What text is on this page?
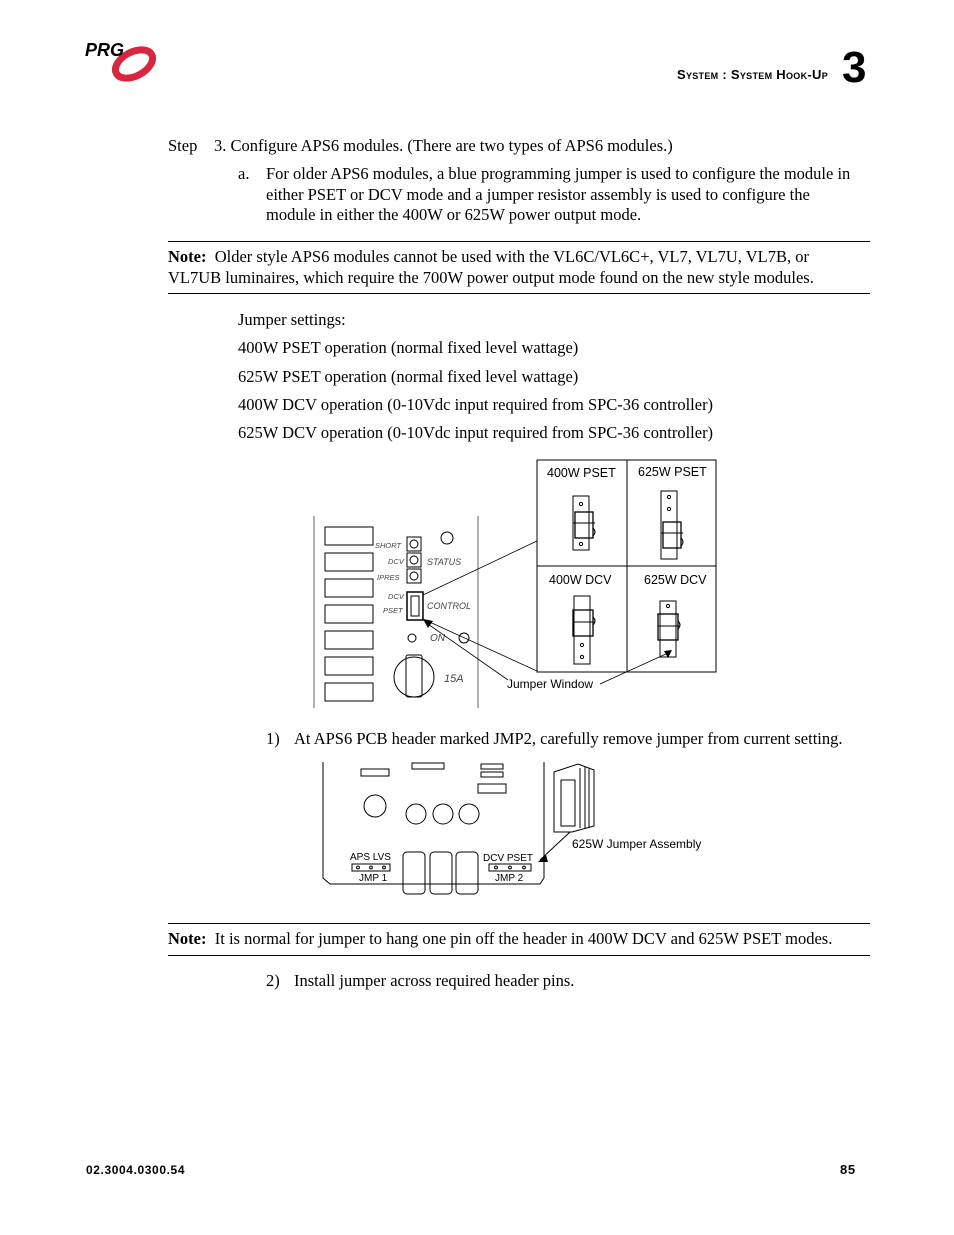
PRG
System : System Hook-Up 3
Step 3. Configure APS6 modules. (There are two types of APS6 modules.)
a. For older APS6 modules, a blue programming jumper is used to configure the module in
either PSET or DCV mode and a jumper resistor assembly is used to configure the
module in either the 400W or 625W power output mode.
Note: Older style APS6 modules cannot be used with the VL6C/VL6C+, VL7, VL7U, VL7B, or
VL7UB luminaires, which require the 700W power output mode found on the new style modules.
Jumper settings:
400W PSET operation (normal fixed level wattage)
625W PSET operation (normal fixed level wattage)
400W DCV operation (0-10Vdc input required from SPC-36 controller)
625W DCV operation (0-10Vdc input required from SPC-36 controller)
SHORT
DCV
IPRES
DCV
PSET
STATUS
CONTROL
ON
15A
400W PSET 625W PSET
400W DCV	625W DCV
Jumper Window
1) At APS6 PCB header marked JMP2, carefully remove jumper from current setting.
APS LVS
JMP 1
DCV PSET
JMP 2
625W Jumper Assembly
Note: It is normal for jumper to hang one pin off the header in 400W DCV and 625W PSET modes.
2) Install jumper across required header pins.
02.3004.0300.54	85
